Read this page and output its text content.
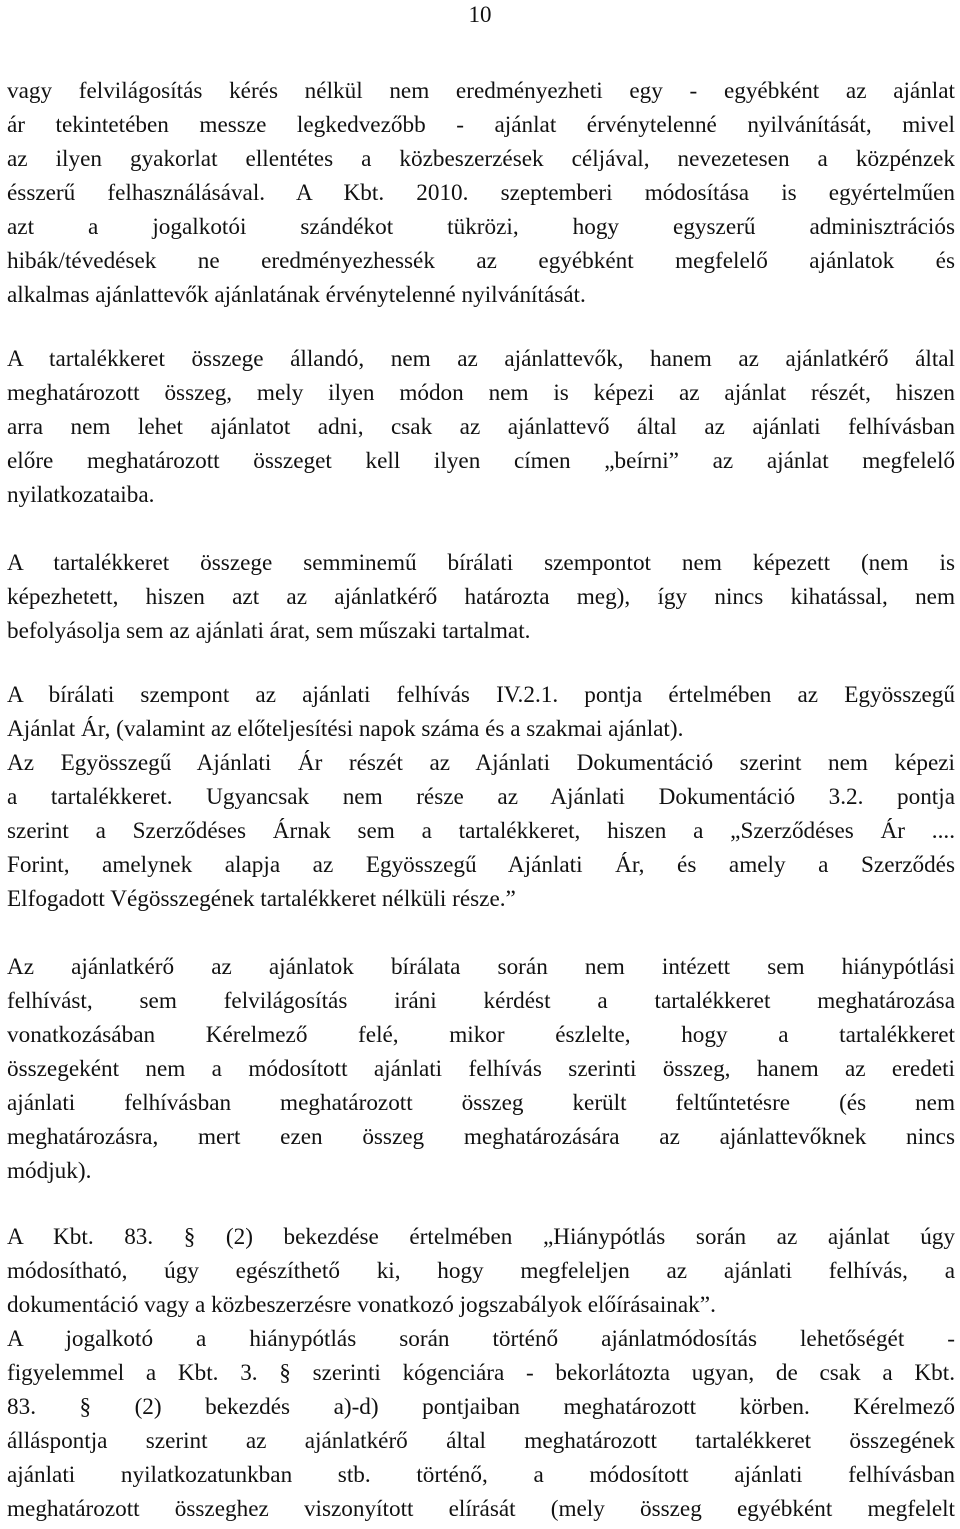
10
vagy felvilágosítás kérés nélkül nem eredményezheti egy - egyébként az ajánlat
ár tekintetében messze legkedvezőbb - ajánlat érvénytelenné nyilvánítását, mivel
az ilyen gyakorlat ellentétes a közbeszerzések céljával, nevezetesen a közpénzek
ésszerű felhasználásával. A Kbt. 2010. szeptemberi módosítása is egyértelműen
azt a jogalkotói szándékot tükrözi, hogy egyszerű adminisztrációs
hibák/tévedések ne eredményezhessék az egyébként megfelelő ajánlatok és
alkalmas ajánlattevők ajánlatának érvénytelenné nyilvánítását.
A tartalékkeret összege állandó, nem az ajánlattevők, hanem az ajánlatkérő által
meghatározott összeg, mely ilyen módon nem is képezi az ajánlat részét, hiszen
arra nem lehet ajánlatot adni, csak az ajánlattevő által az ajánlati felhívásban
előre meghatározott összeget kell ilyen címen „beírni” az ajánlat megfelelő
nyilatkozataiba.
A tartalékkeret összege semminemű bírálati szempontot nem képezett (nem is
képezhetett, hiszen azt az ajánlatkérő határozta meg), így nincs kihatással, nem
befolyásolja sem az ajánlati árat, sem műszaki tartalmat.
A bírálati szempont az ajánlati felhívás IV.2.1. pontja értelmében az Egyösszegű
Ajánlat Ár, (valamint az előteljesítési napok száma és a szakmai ajánlat).
Az Egyösszegű Ajánlati Ár részét az Ajánlati Dokumentáció szerint nem képezi
a tartalékkeret. Ugyancsak nem része az Ajánlati Dokumentáció 3.2. pontja
szerint a Szerződéses Árnak sem a tartalékkeret, hiszen a „Szerződéses Ár ....
Forint, amelynek alapja az Egyösszegű Ajánlati Ár, és amely a Szerződés
Elfogadott Végösszegének tartalékkeret nélküli része.”
Az ajánlatkérő az ajánlatok bírálata során nem intézett sem hiánypótlási
felhívást, sem felvilágosítás iráni kérdést a tartalékkeret meghatározása
vonatkozásában Kérelmező felé, mikor észlelte, hogy a tartalékkeret
összegeként nem a módosított ajánlati felhívás szerinti összeg, hanem az eredeti
ajánlati felhívásban meghatározott összeg került feltűntetésre (és nem
meghatározásra, mert ezen összeg meghatározására az ajánlattevőknek nincs
módjuk).
A Kbt. 83. § (2) bekezdése értelmében „Hiánypótlás során az ajánlat úgy
módosítható, úgy egészíthető ki, hogy megfeleljen az ajánlati felhívás, a
dokumentáció vagy a közbeszerzésre vonatkozó jogszabályok előírásainak”.
A jogalkotó a hiánypótlás során történő ajánlatmódosítás lehetőségét -
figyelemmel a Kbt. 3. § szerinti kógenciára - bekorlátozta ugyan, de csak a Kbt.
83. § (2) bekezdés a)-d) pontjaiban meghatározott körben. Kérelmező
álláspontja szerint az ajánlatkérő által meghatározott tartalékkeret összegének
ajánlati nyilatkozatunkban stb. történő, a módosított ajánlati felhívásban
meghatározott összeghez viszonyított elírását (mely összeg egyébként megfelelt
